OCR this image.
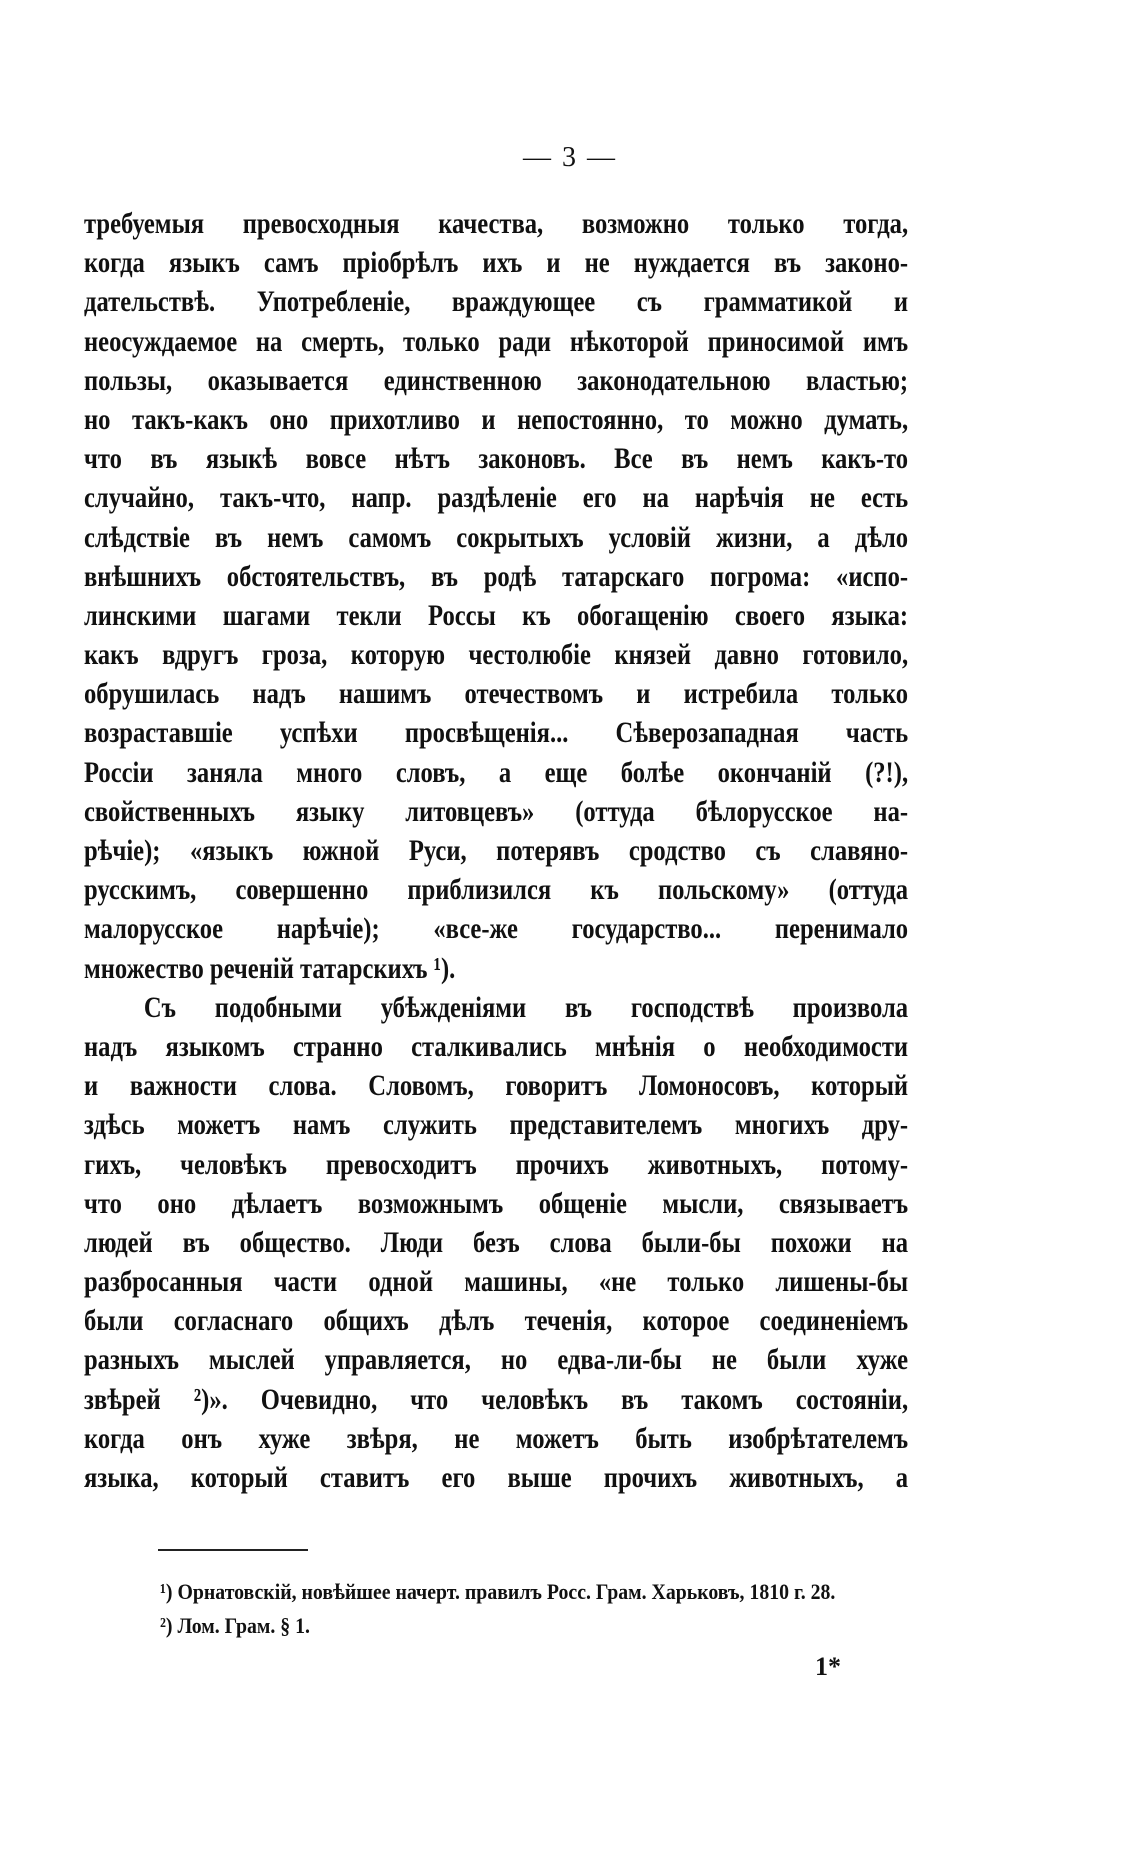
— 3 —
требуемыя превосходныя качества, возможно только тогда,
когда языкъ самъ пріобрѣлъ ихъ и не нуждается въ законо-
дательствѣ. Употребленіе, враждующее съ грамматикой и
неосуждаемое на смерть, только ради нѣкоторой приносимой имъ
пользы, оказывается единственною законодательною властью;
но такъ-какъ оно прихотливо и непостоянно, то можно думать,
что въ языкѣ вовсе нѣтъ законовъ. Все въ немъ какъ-то
случайно, такъ-что, напр. раздѣленіе его на нарѣчія не есть
слѣдствіе въ немъ самомъ сокрытыхъ условій жизни, а дѣло
внѣшнихъ обстоятельствъ, въ родѣ татарскаго погрома: «испо-
линскими шагами текли Россы къ обогащенію своего языка:
какъ вдругъ гроза, которую честолюбіе князей давно готовило,
обрушилась надъ нашимъ отечествомъ и истребила только
возраставшіе успѣхи просвѣщенія... Сѣверозападная часть
Россіи заняла много словъ, а еще болѣе окончаній (?!),
свойственныхъ языку литовцевъ» (оттуда бѣлорусское на-
рѣчіе); «языкъ южной Руси, потерявъ сродство съ славяно-
русскимъ, совершенно приблизился къ польскому» (оттуда
малорусское нарѣчіе); «все-же государство... перенимало
множество реченій татарскихъ ¹).
Съ подобными убѣжденіями въ господствѣ произвола
надъ языкомъ странно сталкивались мнѣнія о необходимости
и важности слова. Словомъ, говоритъ Ломоносовъ, который
здѣсь можетъ намъ служить представителемъ многихъ дру-
гихъ, человѣкъ превосходитъ прочихъ животныхъ, потому-
что оно дѣлаетъ возможнымъ общеніе мысли, связываетъ
людей въ общество. Люди безъ слова были-бы похожи на
разбросанныя части одной машины, «не только лишены-бы
были согласнаго общихъ дѣлъ теченія, которое соединеніемъ
разныхъ мыслей управляется, но едва-ли-бы не были хуже
звѣрей ²)». Очевидно, что человѣкъ въ такомъ состояніи,
когда онъ хуже звѣря, не можетъ быть изобрѣтателемъ
языка, который ставитъ его выше прочихъ животныхъ, а
¹) Орнатовскій, новѣйшее начерт. правилъ Росс. Грам. Харьковъ, 1810 г. 28.
²) Лом. Грам. § 1.
1*
